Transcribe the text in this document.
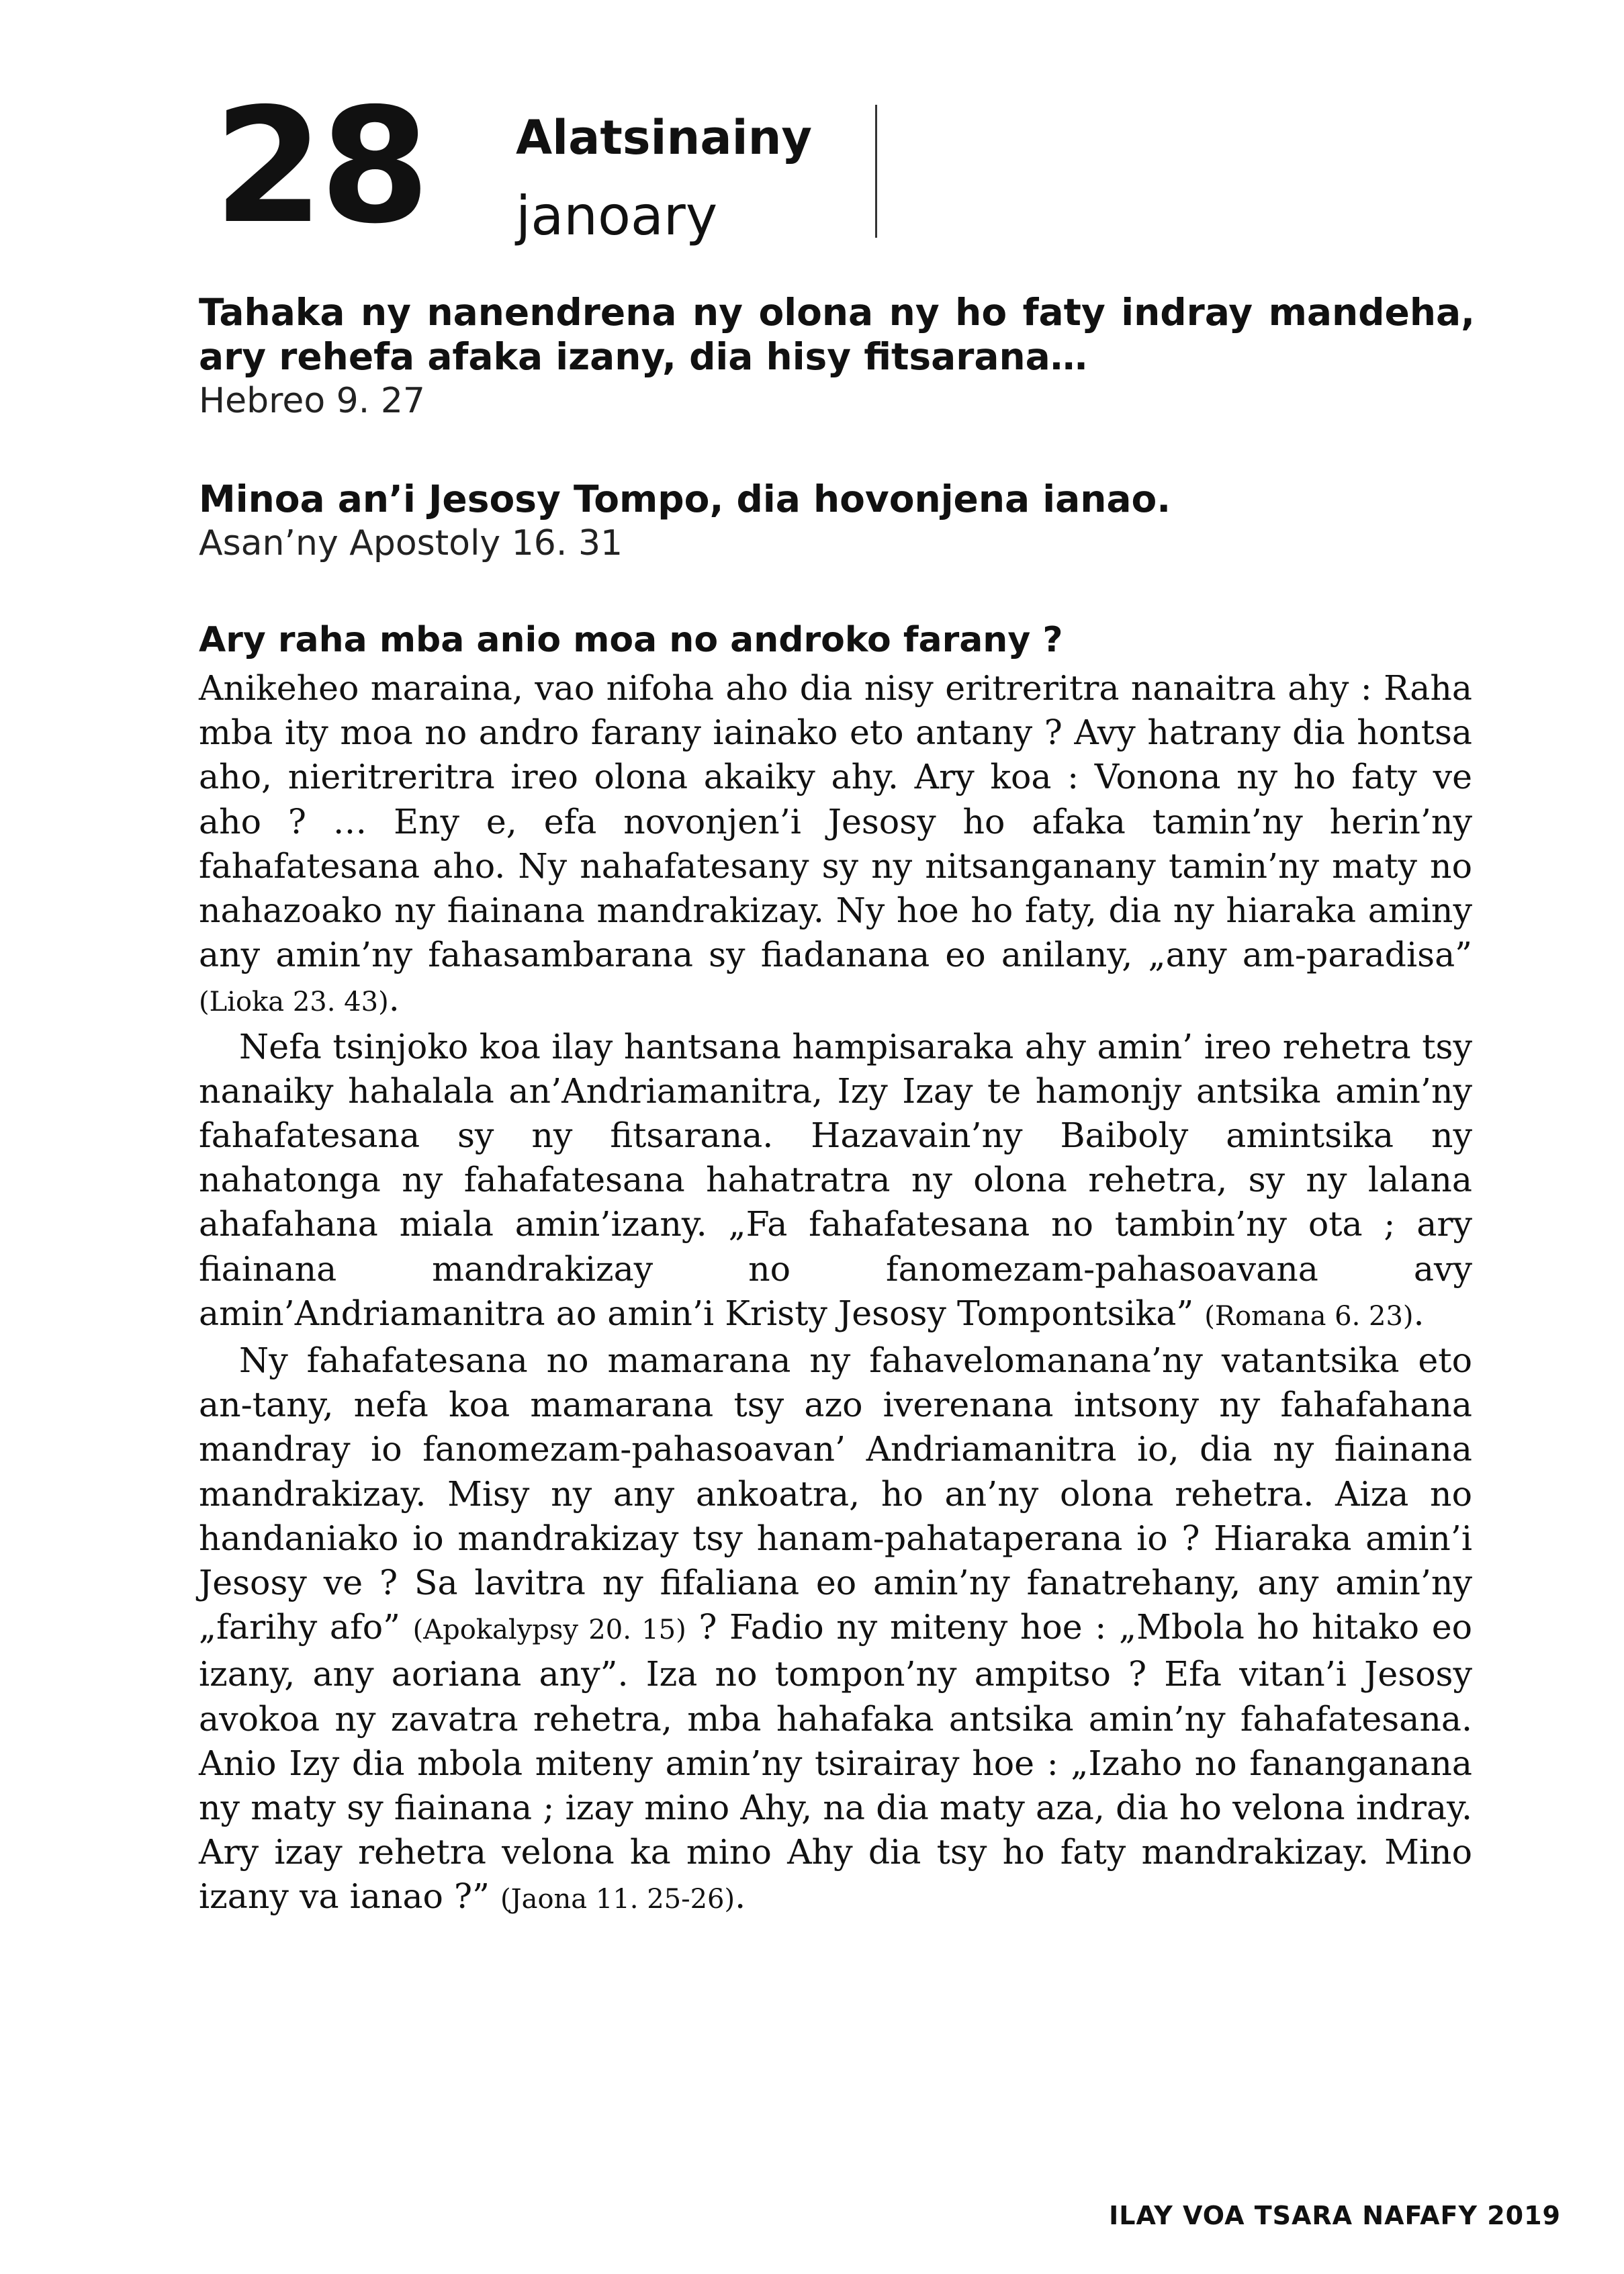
28 Alatsinainy
janoary
Tahaka ny nanendrena ny olona ny ho faty indray mandeha, ary rehefa afaka izany, dia hisy fitsarana…
Hebreo 9. 27
Minoa an’i Jesosy Tompo, dia hovonjena ianao.
Asan’ny Apostoly 16. 31
Ary raha mba anio moa no androko farany ?

Anikeheo maraina, vao nifoha aho dia nisy eritreritra nanaitra ahy : Raha mba ity moa no andro farany iainako eto antany ? Avy hatrany dia hontsa aho, nieritreritra ireo olona akaiky ahy. Ary koa : Vonona ny ho faty ve aho ? … Eny e, efa novonjen’i Jesosy ho afaka tamin’ny herin’ny fahafatesana aho. Ny nahafatesany sy ny nitsanganany tamin’ny maty no nahazoako ny fiainana mandrakizay. Ny hoe ho faty, dia ny hiaraka aminy any amin’ny fahasambarana sy fiadanana eo anilany, „any am-paradisa” (Lioka 23. 43).

Nefa tsinjoko koa ilay hantsana hampisaraka ahy amin’ ireo rehetra tsy nanaiky hahalala an’Andriamanitra, Izy Izay te hamonjy antsika amin’ny fahafatesana sy ny fitsarana. Hazavain’ny Baiboly amintsika ny nahatonga ny fahafatesana hahatratra ny olona rehetra, sy ny lalana ahafahana miala amin’izany. „Fa fahafatesana no tambin’ny ota ; ary fiainana mandrakizay no fanomezam-pahasoavana avy amin’Andriamanitra ao amin’i Kristy Jesosy Tompontsika” (Romana 6. 23).

Ny fahafatesana no mamarana ny fahavelomanana’ny vatantsika eto an-tany, nefa koa mamarana tsy azo iverenana intsony ny fahafahana mandray io fanomezam-pahasoavan’ Andriamanitra io, dia ny fiainana mandrakizay. Misy ny any ankoatra, ho an’ny olona rehetra. Aiza no handaniako io mandrakizay tsy hanam-pahataperana io ? Hiaraka amin’i Jesosy ve ? Sa lavitra ny fifaliana eo amin’ny fanatrehany, any amin’ny „farihy afo” (Apokalypsy 20. 15) ? Fadio ny miteny hoe : „Mbola ho hitako eo izany, any aoriana any”. Iza no tompon’ny ampitso ? Efa vitan’i Jesosy avokoa ny zavatra rehetra, mba hahafaka antsika amin’ny fahafatesana. Anio Izy dia mbola miteny amin’ny tsirairay hoe : „Izaho no fananganana ny maty sy fiainana ; izay mino Ahy, na dia maty aza, dia ho velona indray. Ary izay rehetra velona ka mino Ahy dia tsy ho faty mandrakizay. Mino izany va ianao ?” (Jaona 11. 25-26).

ILAY VOA TSARA NAFAFY 2019
